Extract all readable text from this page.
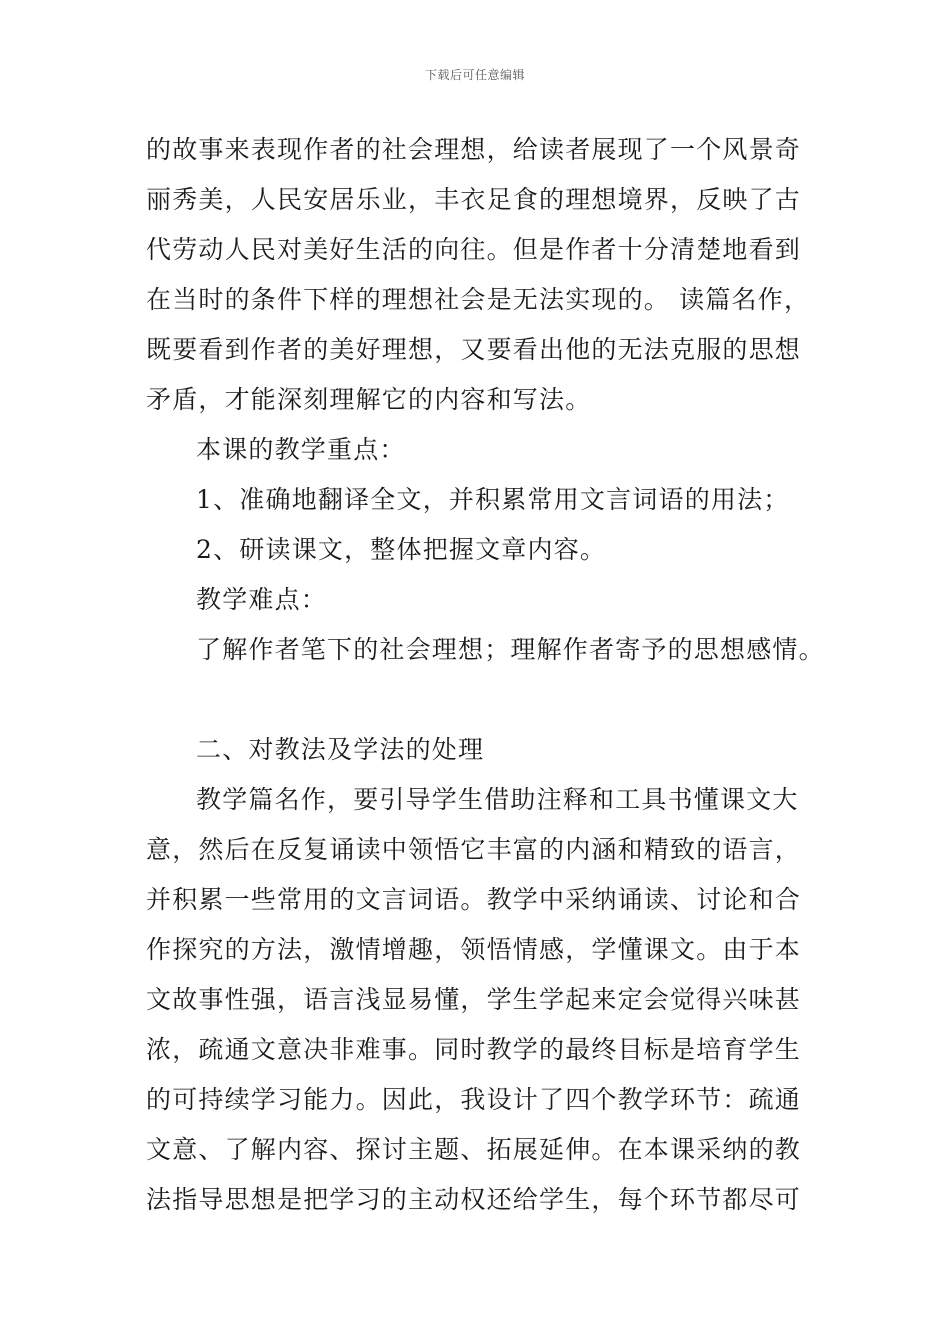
下载后可任意编辑
的故事来表现作者的社会理想，给读者展现了一个风景奇
丽秀美，人民安居乐业，丰衣足食的理想境界，反映了古
代劳动人民对美好生活的向往。但是作者十分清楚地看到
在当时的条件下样的理想社会是无法实现的。 读篇名作，
既要看到作者的美好理想，又要看出他的无法克服的思想
矛盾，才能深刻理解它的内容和写法。
本课的教学重点：
1、准确地翻译全文，并积累常用文言词语的用法；
2、研读课文，整体把握文章内容。
教学难点：
了解作者笔下的社会理想；理解作者寄予的思想感情。
二、对教法及学法的处理
教学篇名作，要引导学生借助注释和工具书懂课文大
意，然后在反复诵读中领悟它丰富的内涵和精致的语言，
并积累一些常用的文言词语。教学中采纳诵读、讨论和合
作探究的方法，激情增趣，领悟情感，学懂课文。由于本
文故事性强，语言浅显易懂，学生学起来定会觉得兴味甚
浓，疏通文意决非难事。同时教学的最终目标是培育学生
的可持续学习能力。因此，我设计了四个教学环节：疏通
文意、了解内容、探讨主题、拓展延伸。在本课采纳的教
法指导思想是把学习的主动权还给学生，每个环节都尽可
